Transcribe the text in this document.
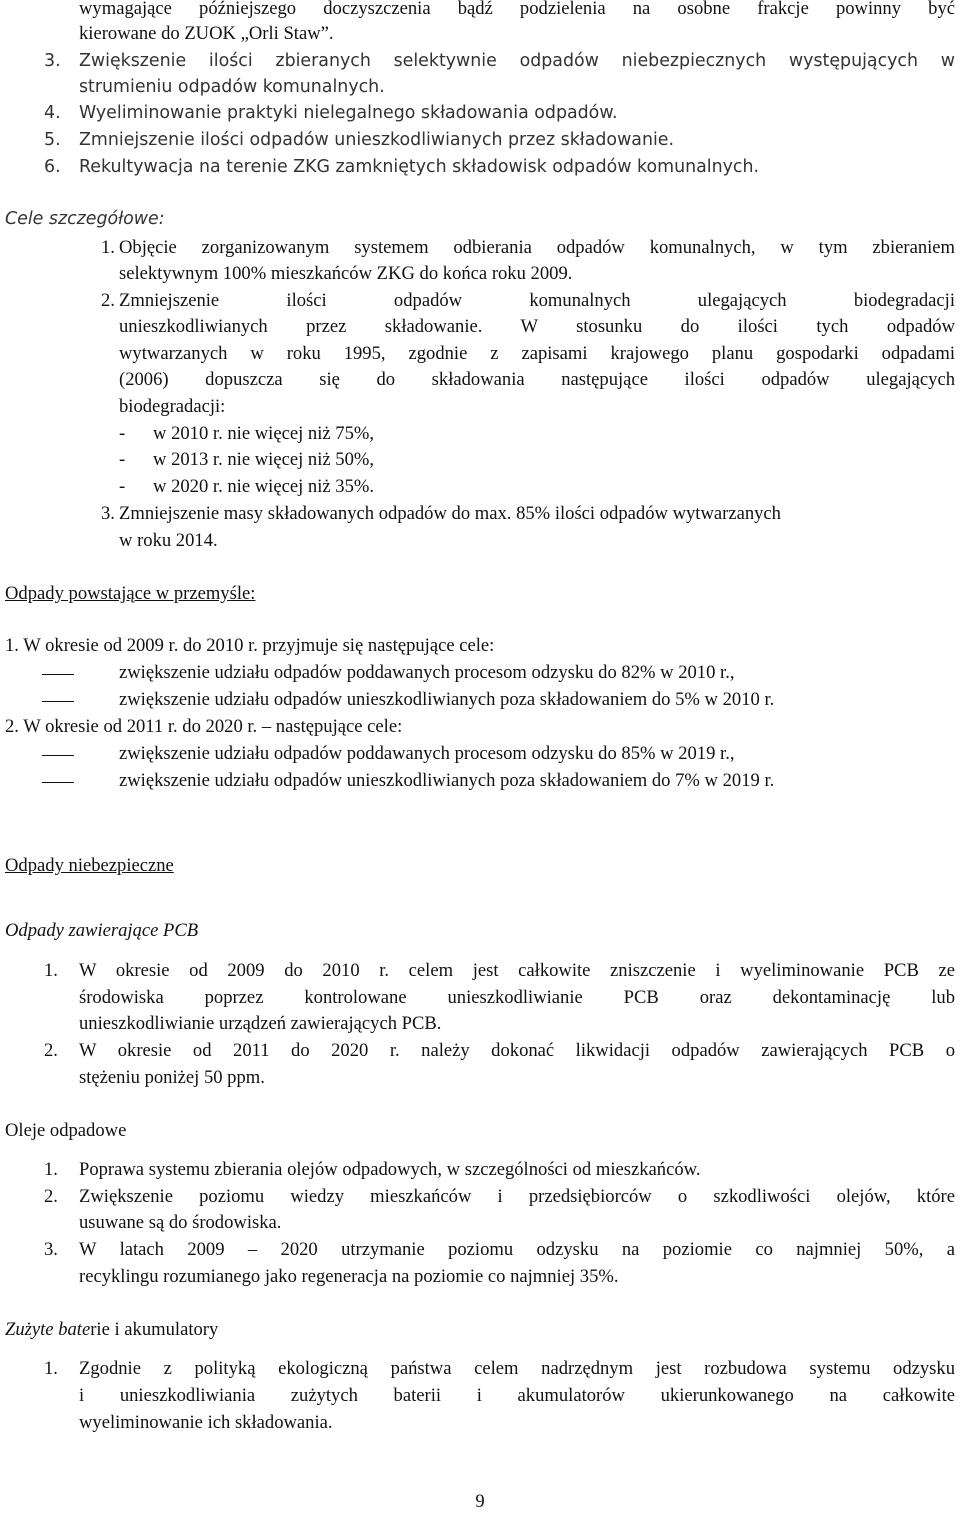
wymagające późniejszego doczyszczenia bądź podzielenia na osobne frakcje powinny być
kierowane do ZUOK „Orli Staw”.
3. Zwiększenie ilości zbieranych selektywnie odpadów niebezpiecznych występujących w
strumieniu odpadów komunalnych.
4. Wyeliminowanie praktyki nielegalnego składowania odpadów.
5. Zmniejszenie ilości odpadów unieszkodliwianych przez składowanie.
6. Rekultywacja na terenie ZKG zamkniętych składowisk odpadów komunalnych.
Cele szczegółowe:
1. Objęcie zorganizowanym systemem odbierania odpadów komunalnych, w tym zbieraniem
selektywnym 100% mieszkańców ZKG do końca roku 2009.
2. Zmniejszenie ilości odpadów komunalnych ulegających biodegradacji
unieszkodliwianych przez składowanie. W stosunku do ilości tych odpadów
wytwarzanych w roku 1995, zgodnie z zapisami krajowego planu gospodarki odpadami
(2006) dopuszcza się do składowania następujące ilości odpadów ulegających
biodegradacji:
- w 2010 r. nie więcej niż 75%,
- w 2013 r. nie więcej niż 50%,
- w 2020 r. nie więcej niż 35%.
3. Zmniejszenie masy składowanych odpadów do max. 85% ilości odpadów wytwarzanych
w roku 2014.
Odpady powstające w przemyśle:
1. W okresie od 2009 r. do 2010 r. przyjmuje się następujące cele:
zwiększenie udziału odpadów poddawanych procesom odzysku do 82% w 2010 r.,
zwiększenie udziału odpadów unieszkodliwianych poza składowaniem do 5% w 2010 r.
2. W okresie od 2011 r. do 2020 r. – następujące cele:
zwiększenie udziału odpadów poddawanych procesom odzysku do 85% w 2019 r.,
zwiększenie udziału odpadów unieszkodliwianych poza składowaniem do 7% w 2019 r.
Odpady niebezpieczne
Odpady zawierające PCB
1. W okresie od 2009 do 2010 r. celem jest całkowite zniszczenie i wyeliminowanie PCB ze
środowiska poprzez kontrolowane unieszkodliwianie PCB oraz dekontaminację lub
unieszkodliwianie urządzeń zawierających PCB.
2. W okresie od 2011 do 2020 r. należy dokonać likwidacji odpadów zawierających PCB o
stężeniu poniżej 50 ppm.
Oleje odpadowe
1. Poprawa systemu zbierania olejów odpadowych, w szczególności od mieszkańców.
2. Zwiększenie poziomu wiedzy mieszkańców i przedsiębiorców o szkodliwości olejów, które
usuwane są do środowiska.
3. W latach 2009 – 2020 utrzymanie poziomu odzysku na poziomie co najmniej 50%, a
recyklingu rozumianego jako regeneracja na poziomie co najmniej 35%.
Zużyte baterie i akumulatory
1. Zgodnie z polityką ekologiczną państwa celem nadrzędnym jest rozbudowa systemu odzysku
i unieszkodliwiania zużytych baterii i akumulatorów ukierunkowanego na całkowite
wyeliminowanie ich składowania.
9
